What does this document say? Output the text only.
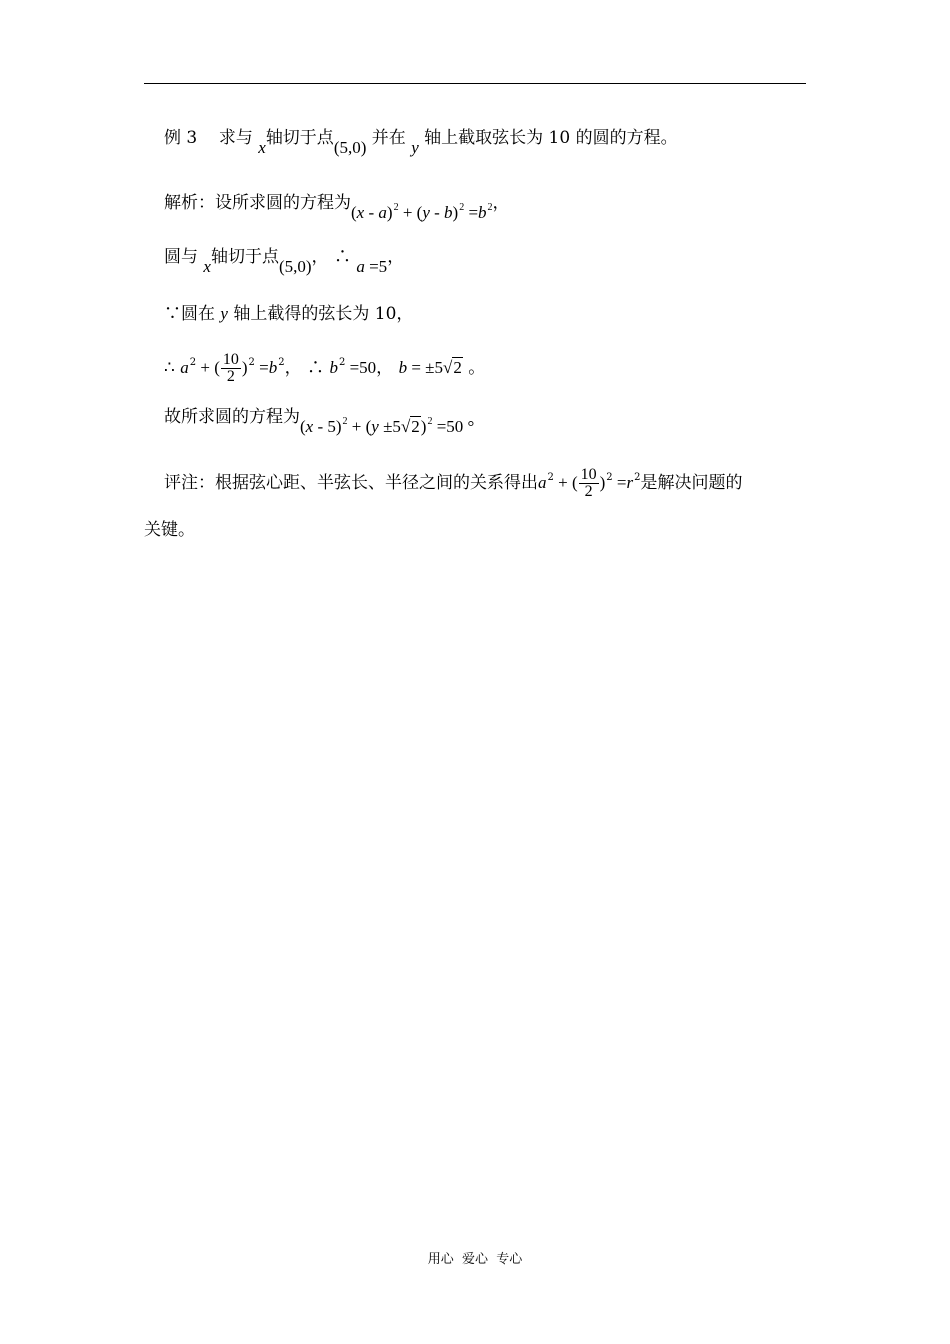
例 3 求与 x轴切于点(5,0) 并在 y 轴上截取弦长为 10 的圆的方程。
解析：设所求圆的方程为$(x - a)^2 + (y - b)^2 =b^2$，
圆与 x轴切于点(5,0)， ∴ a =5，
∵圆在 y 轴上截得的弦长为 10，
∴ $a^2$ + ( $\frac{10}{2} )^2 =b^2$， ∴ $b^2 =50$， b = ±5√2 。
故所求圆的方程为$(x - 5)^2 + (y \pm 5√2)^2 =50$ °
评注：根据弦心距、半弦长、半径之间的关系得出$a^2$ + ( $\frac{10}{2} )^2 =r^2$是解决问题的
关键。
用心  爱心  专心
